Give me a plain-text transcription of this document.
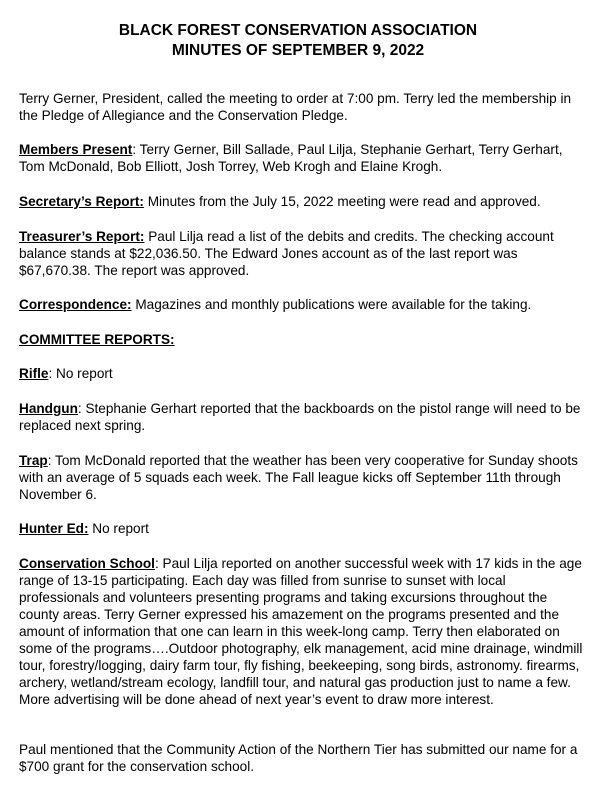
BLACK FOREST CONSERVATION ASSOCIATION
MINUTES OF SEPTEMBER 9, 2022
Terry Gerner, President, called the meeting to order at 7:00 pm. Terry led the membership in the Pledge of Allegiance and the Conservation Pledge.
Members Present: Terry Gerner, Bill Sallade, Paul Lilja, Stephanie Gerhart, Terry Gerhart, Tom McDonald, Bob Elliott, Josh Torrey, Web Krogh and Elaine Krogh.
Secretary’s Report: Minutes from the July 15, 2022 meeting were read and approved.
Treasurer’s Report: Paul Lilja read a list of the debits and credits. The checking account balance stands at $22,036.50. The Edward Jones account as of the last report was $67,670.38. The report was approved.
Correspondence: Magazines and monthly publications were available for the taking.
COMMITTEE REPORTS:
Rifle: No report
Handgun: Stephanie Gerhart reported that the backboards on the pistol range will need to be replaced next spring.
Trap: Tom McDonald reported that the weather has been very cooperative for Sunday shoots with an average of 5 squads each week. The Fall league kicks off September 11th through November 6.
Hunter Ed: No report
Conservation School: Paul Lilja reported on another successful week with 17 kids in the age range of 13-15 participating. Each day was filled from sunrise to sunset with local professionals and volunteers presenting programs and taking excursions throughout the county areas. Terry Gerner expressed his amazement on the programs presented and the amount of information that one can learn in this week-long camp. Terry then elaborated on some of the programs….Outdoor photography, elk management, acid mine drainage, windmill tour, forestry/logging, dairy farm tour, fly fishing, beekeeping, song birds, astronomy. firearms, archery, wetland/stream ecology, landfill tour, and natural gas production just to name a few. More advertising will be done ahead of next year’s event to draw more interest.
Paul mentioned that the Community Action of the Northern Tier has submitted our name for a $700 grant for the conservation school.
